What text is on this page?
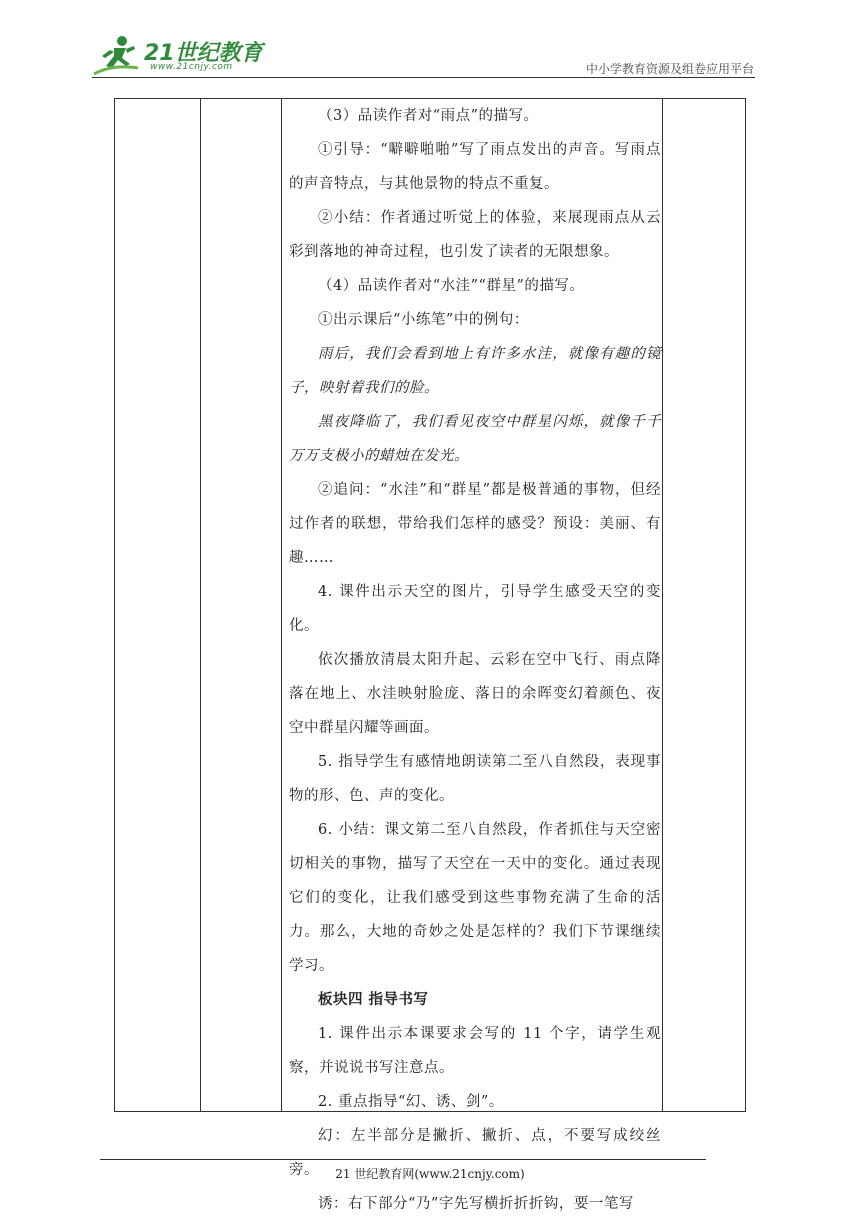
21世纪教育
www.21cnjy.com	中小学教育资源及组卷应用平台

（3）品读作者对“雨点”的描写。

①引导：“噼噼啪啪”写了雨点发出的声音。写雨点的声音特点，与其他景物的特点不重复。

②小结：作者通过听觉上的体验，来展现雨点从云彩到落地的神奇过程，也引发了读者的无限想象。

（4）品读作者对“水洼”“群星”的描写。

①出示课后“小练笔”中的例句：

雨后，我们会看到地上有许多水洼，就像有趣的镜子，映射着我们的脸。

黑夜降临了，我们看见夜空中群星闪烁，就像千千万万支极小的蜡烛在发光。

②追问：“水洼”和“群星”都是极普通的事物，但经过作者的联想，带给我们怎样的感受？预设：美丽、有趣……

4. 课件出示天空的图片，引导学生感受天空的变化。

依次播放清晨太阳升起、云彩在空中飞行、雨点降落在地上、水洼映射脸庞、落日的余晖变幻着颜色、夜空中群星闪耀等画面。

5. 指导学生有感情地朗读第二至八自然段，表现事物的形、色、声的变化。

6. 小结：课文第二至八自然段，作者抓住与天空密切相关的事物，描写了天空在一天中的变化。通过表现它们的变化，让我们感受到这些事物充满了生命的活力。那么，大地的奇妙之处是怎样的？我们下节课继续学习。

板块四 指导书写

1. 课件出示本课要求会写的 11 个字，请学生观察，并说说书写注意点。

2. 重点指导“幻、诱、剑”。

幻：左半部分是撇折、撇折、点，不要写成绞丝旁。

诱：右下部分“乃”字先写横折折折钩，要一笔写

21 世纪教育网(www.21cnjy.com)
